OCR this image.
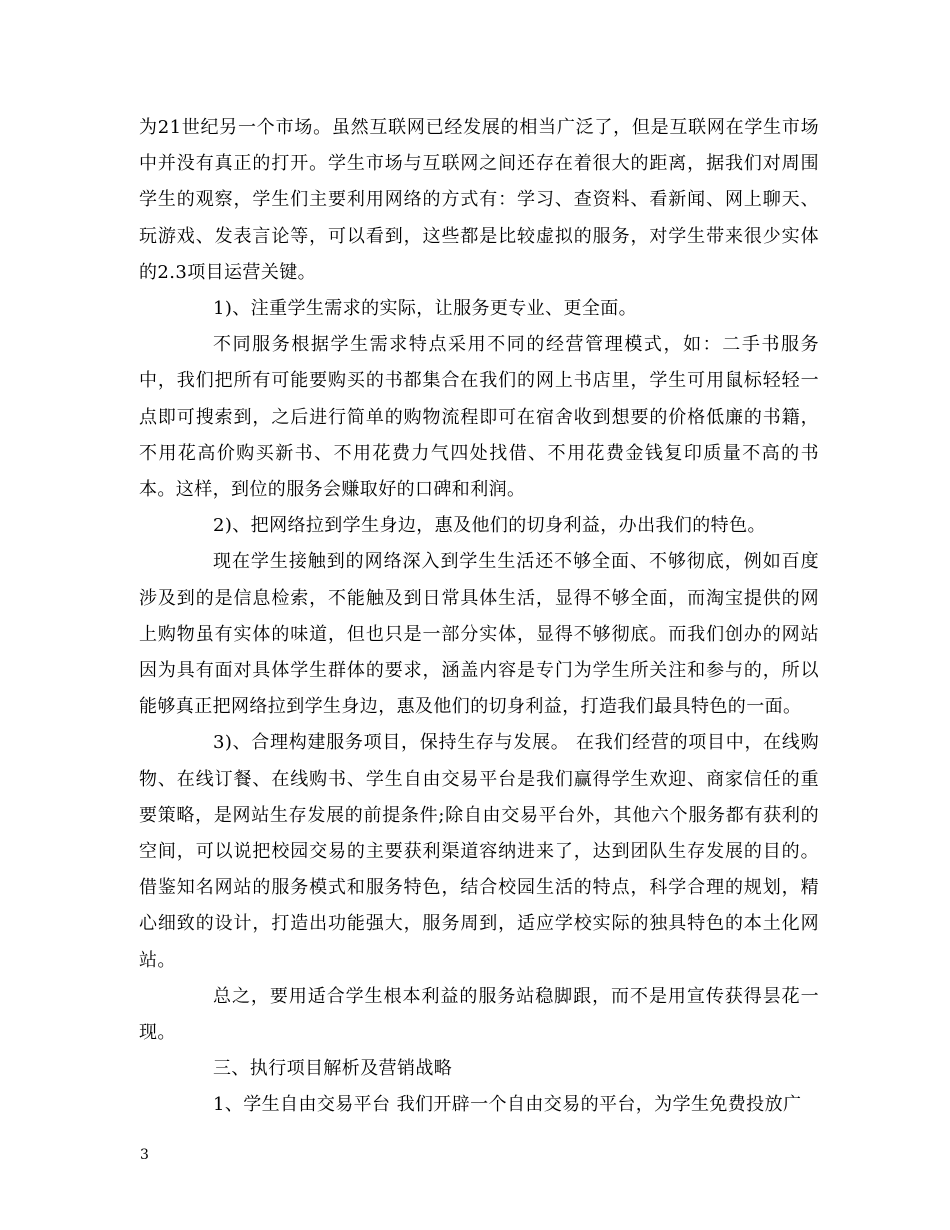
为21世纪另一个市场。虽然互联网已经发展的相当广泛了，但是互联网在学生市场中并没有真正的打开。学生市场与互联网之间还存在着很大的距离，据我们对周围学生的观察，学生们主要利用网络的方式有：学习、查资料、看新闻、网上聊天、玩游戏、发表言论等，可以看到，这些都是比较虚拟的服务，对学生带来很少实体的2.3项目运营关键。

1)、注重学生需求的实际，让服务更专业、更全面。

不同服务根据学生需求特点采用不同的经营管理模式，如：二手书服务中，我们把所有可能要购买的书都集合在我们的网上书店里，学生可用鼠标轻轻一点即可搜索到，之后进行简单的购物流程即可在宿舍收到想要的价格低廉的书籍，不用花高价购买新书、不用花费力气四处找借、不用花费金钱复印质量不高的书本。这样，到位的服务会赚取好的口碑和利润。

2)、把网络拉到学生身边，惠及他们的切身利益，办出我们的特色。

现在学生接触到的网络深入到学生生活还不够全面、不够彻底，例如百度涉及到的是信息检索，不能触及到日常具体生活，显得不够全面，而淘宝提供的网上购物虽有实体的味道，但也只是一部分实体，显得不够彻底。而我们创办的网站因为具有面对具体学生群体的要求，涵盖内容是专门为学生所关注和参与的，所以能够真正把网络拉到学生身边，惠及他们的切身利益，打造我们最具特色的一面。

3)、合理构建服务项目，保持生存与发展。 在我们经营的项目中，在线购物、在线订餐、在线购书、学生自由交易平台是我们赢得学生欢迎、商家信任的重要策略，是网站生存发展的前提条件;除自由交易平台外，其他六个服务都有获利的空间，可以说把校园交易的主要获利渠道容纳进来了，达到团队生存发展的目的。借鉴知名网站的服务模式和服务特色，结合校园生活的特点，科学合理的规划，精心细致的设计，打造出功能强大，服务周到，适应学校实际的独具特色的本土化网站。

总之，要用适合学生根本利益的服务站稳脚跟，而不是用宣传获得昙花一现。

三、执行项目解析及营销战略

1、学生自由交易平台 我们开辟一个自由交易的平台，为学生免费投放广

3
